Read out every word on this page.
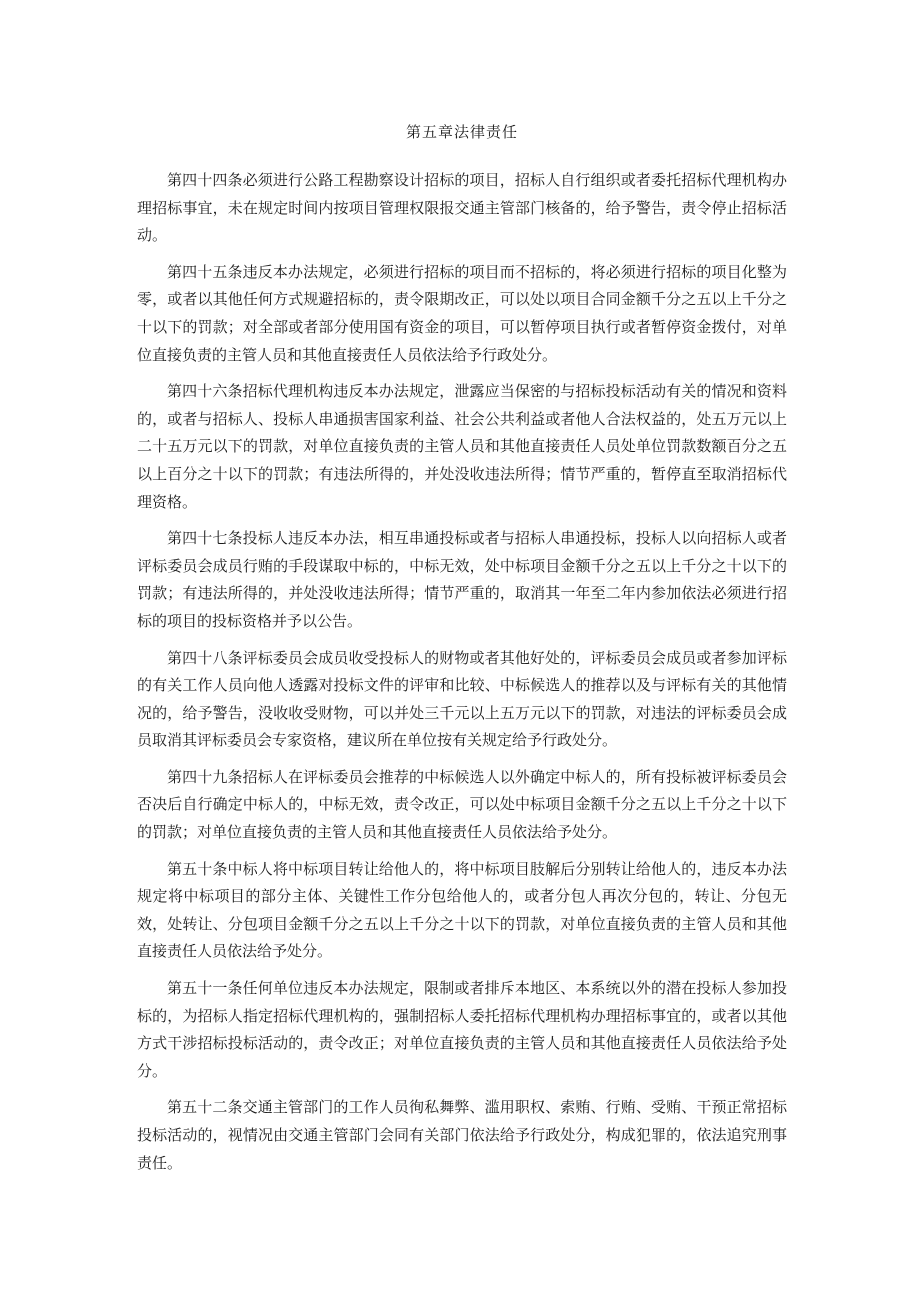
第五章法律责任

第四十四条必须进行公路工程勘察设计招标的项目，招标人自行组织或者委托招标代理机构办理招标事宜，未在规定时间内按项目管理权限报交通主管部门核备的，给予警告，责令停止招标活动。

第四十五条违反本办法规定，必须进行招标的项目而不招标的，将必须进行招标的项目化整为零，或者以其他任何方式规避招标的，责令限期改正，可以处以项目合同金额千分之五以上千分之十以下的罚款；对全部或者部分使用国有资金的项目，可以暂停项目执行或者暂停资金拨付，对单位直接负责的主管人员和其他直接责任人员依法给予行政处分。

第四十六条招标代理机构违反本办法规定，泄露应当保密的与招标投标活动有关的情况和资料的，或者与招标人、投标人串通损害国家利益、社会公共利益或者他人合法权益的，处五万元以上二十五万元以下的罚款，对单位直接负责的主管人员和其他直接责任人员处单位罚款数额百分之五以上百分之十以下的罚款；有违法所得的，并处没收违法所得；情节严重的，暂停直至取消招标代理资格。

第四十七条投标人违反本办法，相互串通投标或者与招标人串通投标，投标人以向招标人或者评标委员会成员行贿的手段谋取中标的，中标无效，处中标项目金额千分之五以上千分之十以下的罚款；有违法所得的，并处没收违法所得；情节严重的，取消其一年至二年内参加依法必须进行招标的项目的投标资格并予以公告。

第四十八条评标委员会成员收受投标人的财物或者其他好处的，评标委员会成员或者参加评标的有关工作人员向他人透露对投标文件的评审和比较、中标候选人的推荐以及与评标有关的其他情况的，给予警告，没收收受财物，可以并处三千元以上五万元以下的罚款，对违法的评标委员会成员取消其评标委员会专家资格，建议所在单位按有关规定给予行政处分。

第四十九条招标人在评标委员会推荐的中标候选人以外确定中标人的，所有投标被评标委员会否决后自行确定中标人的，中标无效，责令改正，可以处中标项目金额千分之五以上千分之十以下的罚款；对单位直接负责的主管人员和其他直接责任人员依法给予处分。

第五十条中标人将中标项目转让给他人的，将中标项目肢解后分别转让给他人的，违反本办法规定将中标项目的部分主体、关键性工作分包给他人的，或者分包人再次分包的，转让、分包无效，处转让、分包项目金额千分之五以上千分之十以下的罚款，对单位直接负责的主管人员和其他直接责任人员依法给予处分。

第五十一条任何单位违反本办法规定，限制或者排斥本地区、本系统以外的潜在投标人参加投标的，为招标人指定招标代理机构的，强制招标人委托招标代理机构办理招标事宜的，或者以其他方式干涉招标投标活动的，责令改正；对单位直接负责的主管人员和其他直接责任人员依法给予处分。

第五十二条交通主管部门的工作人员徇私舞弊、滥用职权、索贿、行贿、受贿、干预正常招标投标活动的，视情况由交通主管部门会同有关部门依法给予行政处分，构成犯罪的，依法追究刑事责任。
